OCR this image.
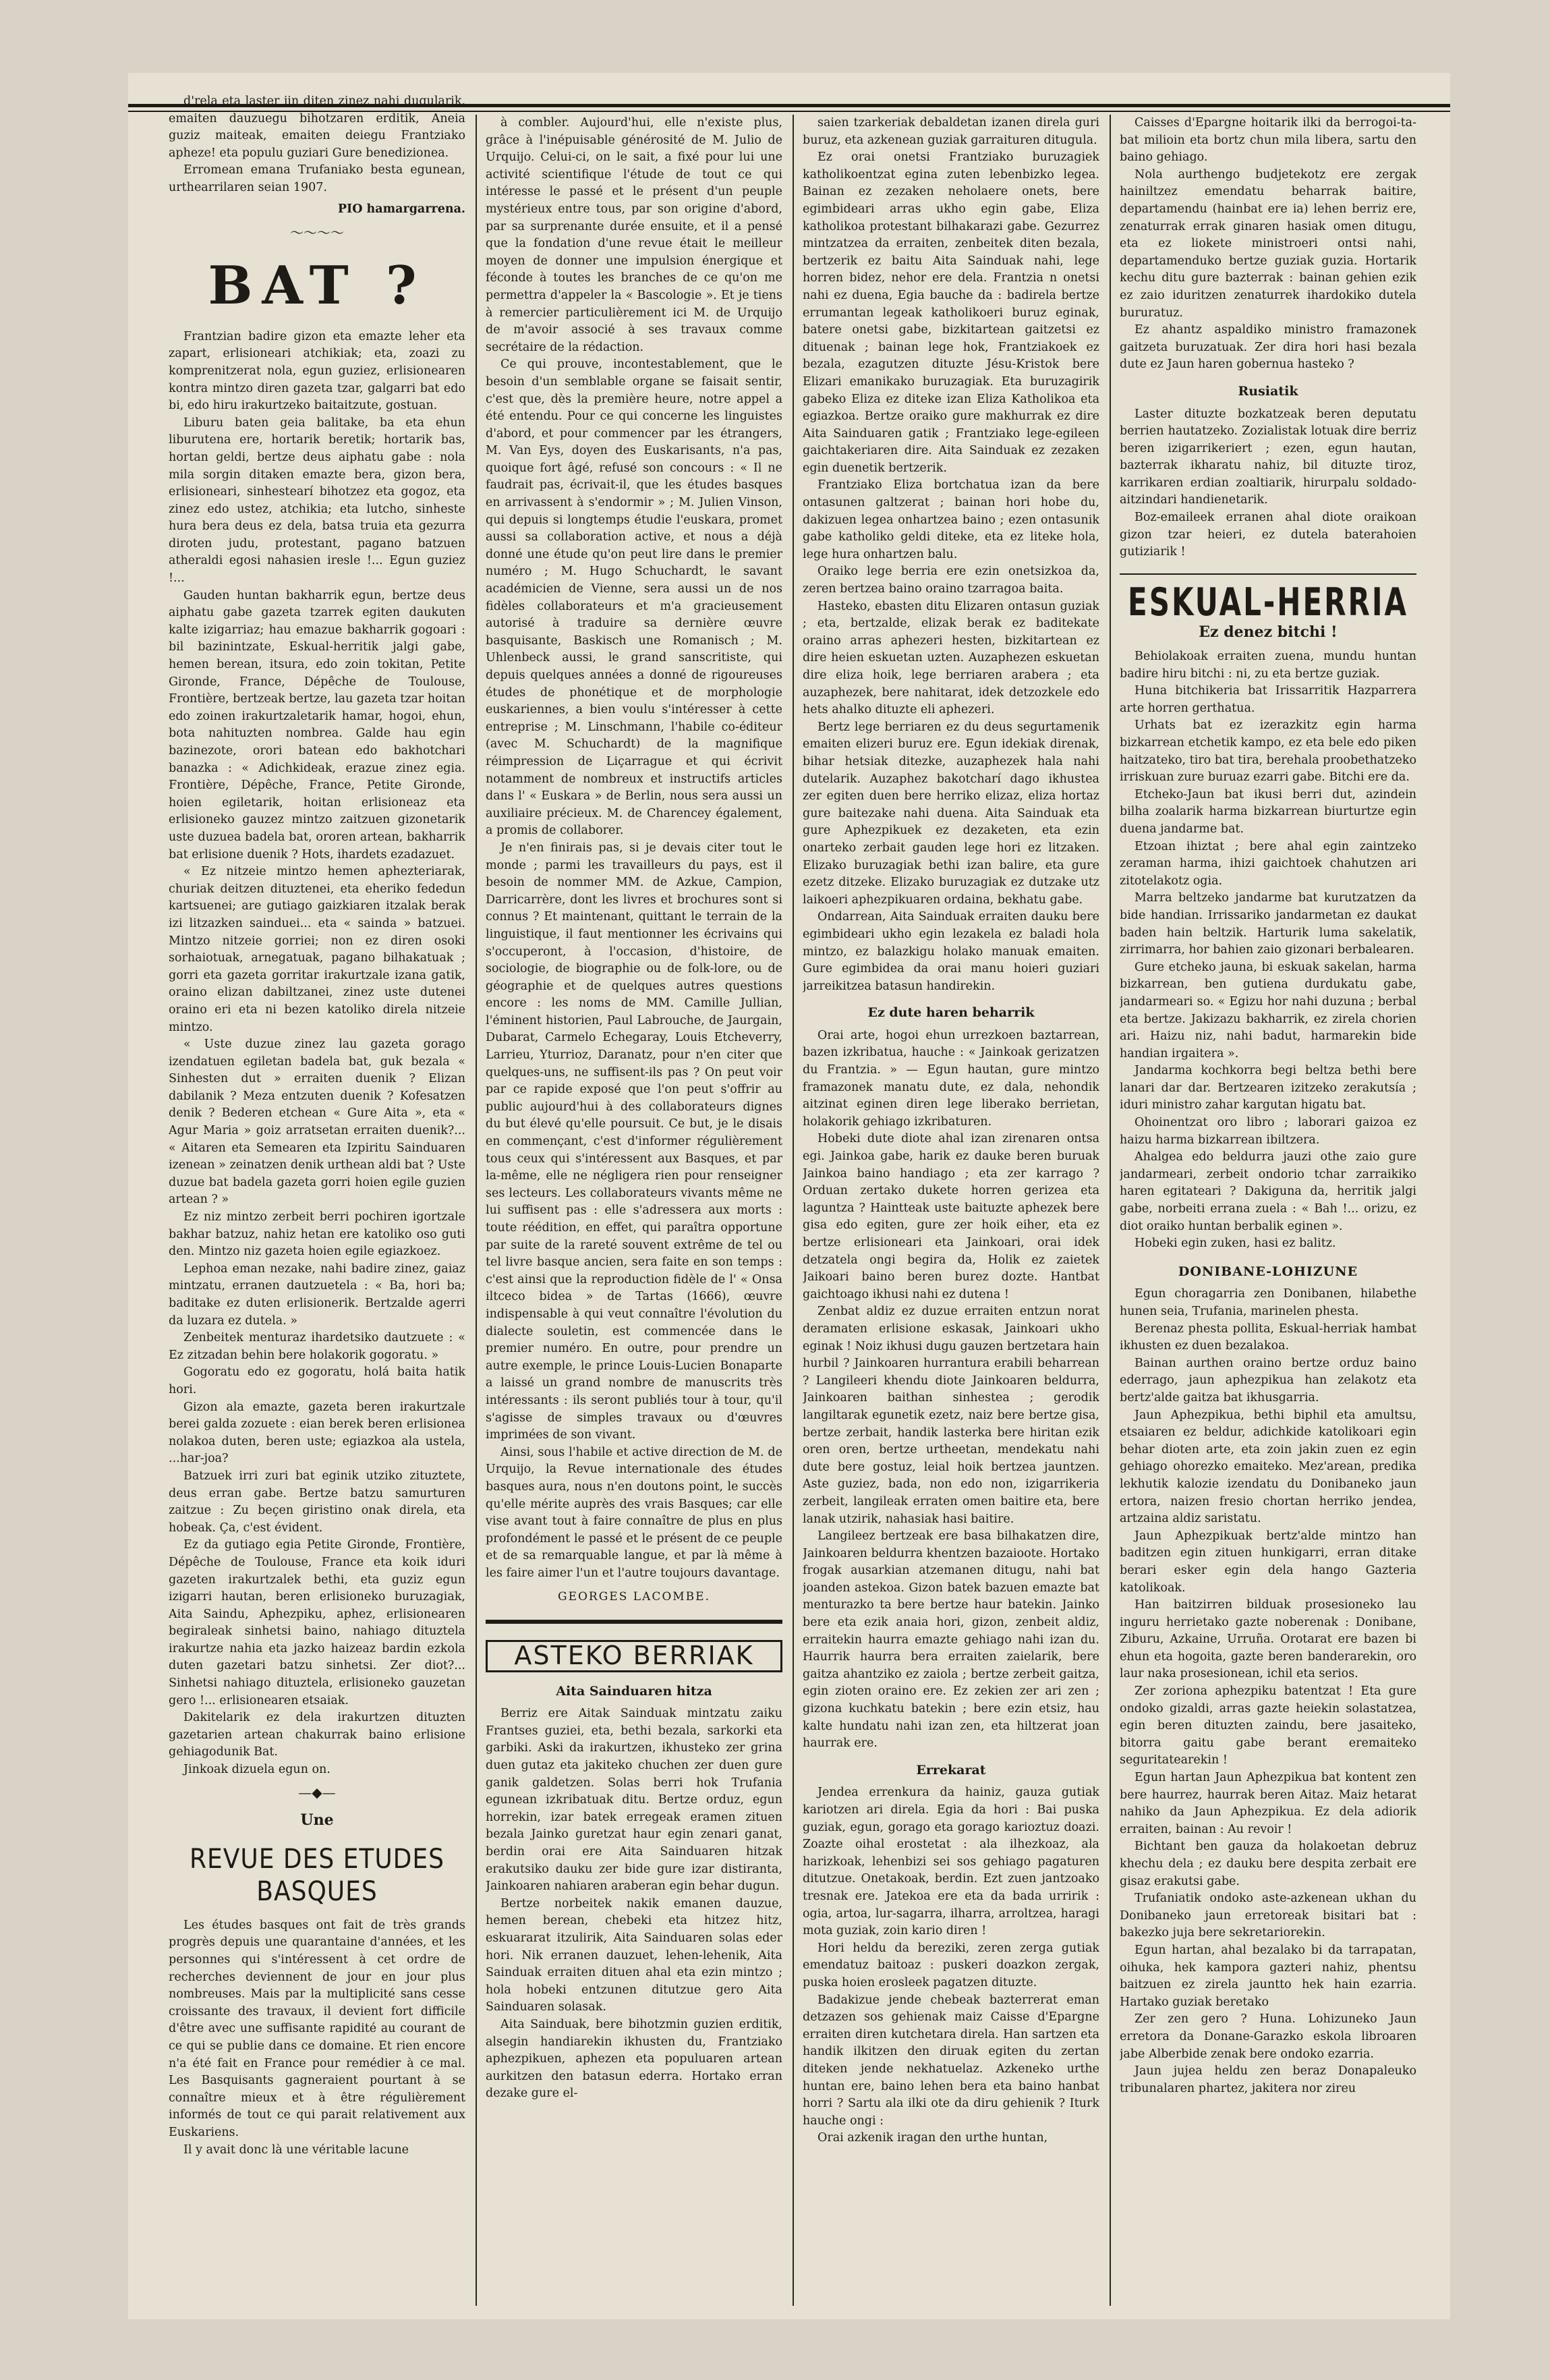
d'rela eta laster jin diten zinez nahi dugularik, emaiten dauzuegu bihotzaren erditik, Aneia guziz maiteak, emaiten deiegu Frantziako apheze! eta populu guziari Gure benedizionea.

Erromean emana Trufaniako besta egunean, urthearrilaren seian 1907.

PIO hamargarrena.
〜〜〜〜
BAT ?

Frantzian badire gizon eta emazte leher eta zapart, erlisioneari atchikiak; eta, zoazi zu komprenitzerat nola, egun guziez, erlisionearen kontra mintzo diren gazeta tzar, galgarri bat edo bi, edo hiru irakurtzeko baitaitzute, gostuan.

Liburu baten geia balitake, ba eta ehun liburutena ere, hortarik beretik; hortarik bas, hortan geldi, bertze deus aiphatu gabe : nola mila sorgin ditaken emazte bera, gizon bera, erlisioneari, sinhestearí bihotzez eta gogoz, eta zinez edo ustez, atchikia; eta lutcho, sinheste hura bera deus ez dela, batsa truia eta gezurra diroten judu, protestant, pagano batzuen atheraldi egosi nahasien iresle !... Egun guziez !...

Gauden huntan bakharrik egun, bertze deus aiphatu gabe gazeta tzarrek egiten daukuten kalte izigarriaz; hau emazue bakharrik gogoari : bil bazinintzate, Eskual-herritik jalgi gabe, hemen berean, itsura, edo zoin tokitan, Petite Gironde, France, Dépêche de Toulouse, Frontière, bertzeak bertze, lau gazeta tzar hoitan edo zoinen irakurtzaletarik hamar, hogoi, ehun, bota nahituzten nombrea. Galde hau egin bazinezote, orori batean edo bakhotchari banazka : « Adichkideak, erazue zinez egia. Frontière, Dépêche, France, Petite Gironde, hoien egiletarik, hoitan erlisioneaz eta erlisioneko gauzez mintzo zaitzuen gizonetarik uste duzuea badela bat, ororen artean, bakharrik bat erlisione duenik ? Hots, ihardets ezadazuet.

« Ez nitzeie mintzo hemen aphezteriarak, churiak deitzen dituztenei, eta eheriko fededun kartsuenei; are gutiago gaizkiaren itzalak berak izi litzazken sainduei... eta « sainda » batzuei. Mintzo nitzeie gorriei; non ez diren osoki sorhaiotuak, arnegatuak, pagano bilhakatuak ; gorri eta gazeta gorritar irakurtzale izana gatik, oraino elizan dabiltzanei, zinez uste dutenei oraino eri eta ni bezen katoliko direla nitzeie mintzo.

« Uste duzue zinez lau gazeta gorago izendatuen egiletan badela bat, guk bezala « Sinhesten dut » erraiten duenik ? Elizan dabilanik ? Meza entzuten duenik ? Kofesatzen denik ? Bederen etchean « Gure Aita », eta « Agur Maria » goiz arratsetan erraiten duenik?... « Aitaren eta Semearen eta Izpiritu Sainduaren izenean » zeinatzen denik urthean aldi bat ? Uste duzue bat badela gazeta gorri hoien egile guzien artean ? »

Ez niz mintzo zerbeit berri pochiren igortzale bakhar batzuz, nahiz hetan ere katoliko oso guti den. Mintzo niz gazeta hoien egile egiazkoez.

Lephoa eman nezake, nahi badire zinez, gaiaz mintzatu, erranen dautzuetela : « Ba, hori ba; baditake ez duten erlisionerik. Bertzalde agerri da luzara ez dutela. »

Zenbeitek menturaz ihardetsiko dautzuete : « Ez zitzadan behin bere holakorik gogoratu. »

Gogoratu edo ez gogoratu, holá baita hatik hori.

Gizon ala emazte, gazeta beren irakurtzale berei galda zozuete : eian berek beren erlisionea nolakoa duten, beren uste; egiazkoa ala ustela, ...har-joa?

Batzuek irri zuri bat eginik utziko zituztete, deus erran gabe. Bertze batzu samurturen zaitzue : Zu beçen giristino onak direla, eta hobeak. Ça, c'est évident.

Ez da gutiago egia Petite Gironde, Frontière, Dépêche de Toulouse, France eta koik iduri gazeten irakurtzalek bethi, eta guziz egun izigarri hautan, beren erlisioneko buruzagiak, Aita Saindu, Aphezpiku, aphez, erlisionearen begiraleak sinhetsi baino, nahiago dituztela irakurtze nahia eta jazko haizeaz bardin ezkola duten gazetari batzu sinhetsi. Zer diot?... Sinhetsi nahiago dituztela, erlisioneko gauzetan gero !... erlisionearen etsaiak.

Dakitelarik ez dela irakurtzen dituzten gazetarien artean chakurrak baino erlisione gehiagodunik Bat.

Jinkoak dizuela egun on.

—◆—
Une
REVUE DES ETUDES BASQUES

Les études basques ont fait de très grands progrès depuis une quarantaine d'années, et les personnes qui s'intéressent à cet ordre de recherches deviennent de jour en jour plus nombreuses. Mais par la multiplicité sans cesse croissante des travaux, il devient fort difficile d'être avec une suffisante rapidité au courant de ce qui se publie dans ce domaine. Et rien encore n'a été fait en France pour remédier à ce mal. Les Basquisants gagneraient pourtant à se connaître mieux et à être régulièrement informés de tout ce qui parait relativement aux Euskariens.

Il y avait donc là une véritable lacune

à combler. Aujourd'hui, elle n'existe plus, grâce à l'inépuisable générosité de M. Julio de Urquijo. Celui-ci, on le sait, a fixé pour lui une activité scientifique l'étude de tout ce qui intéresse le passé et le présent d'un peuple mystérieux entre tous, par son origine d'abord, par sa surprenante durée ensuite, et il a pensé que la fondation d'une revue était le meilleur moyen de donner une impulsion énergique et féconde à toutes les branches de ce qu'on me permettra d'appeler la « Bascologie ». Et je tiens à remercier particulièrement ici M. de Urquijo de m'avoir associé à ses travaux comme secrétaire de la rédaction.

Ce qui prouve, incontestablement, que le besoin d'un semblable organe se faisait sentir, c'est que, dès la première heure, notre appel a été entendu. Pour ce qui concerne les linguistes d'abord, et pour commencer par les étrangers, M. Van Eys, doyen des Euskarisants, n'a pas, quoique fort âgé, refusé son concours : « Il ne faudrait pas, écrivait-il, que les études basques en arrivassent à s'endormir » ; M. Julien Vinson, qui depuis si longtemps étudie l'euskara, promet aussi sa collaboration active, et nous a déjà donné une étude qu'on peut lire dans le premier numéro ; M. Hugo Schuchardt, le savant académicien de Vienne, sera aussi un de nos fidèles collaborateurs et m'a gracieusement autorisé à traduire sa dernière œuvre basquisante, Baskisch une Romanisch ; M. Uhlenbeck aussi, le grand sanscritiste, qui depuis quelques années a donné de rigoureuses études de phonétique et de morphologie euskariennes, a bien voulu s'intéresser à cette entreprise ; M. Linschmann, l'habile co-éditeur (avec M. Schuchardt) de la magnifique réimpression de Liçarrague et qui écrivit notamment de nombreux et instructifs articles dans l' « Euskara » de Berlin, nous sera aussi un auxiliaire précieux. M. de Charencey également, a promis de collaborer.

Je n'en finirais pas, si je devais citer tout le monde ; parmi les travailleurs du pays, est il besoin de nommer MM. de Azkue, Campion, Darricarrère, dont les livres et brochures sont si connus ? Et maintenant, quittant le terrain de la linguistique, il faut mentionner les écrivains qui s'occuperont, à l'occasion, d'histoire, de sociologie, de biographie ou de folk-lore, ou de géographie et de quelques autres questions encore : les noms de MM. Camille Jullian, l'éminent historien, Paul Labrouche, de Jaurgain, Dubarat, Carmelo Echegaray, Louis Etcheverry, Larrieu, Yturrioz, Daranatz, pour n'en citer que quelques-uns, ne suffisent-ils pas ? On peut voir par ce rapide exposé que l'on peut s'offrir au public aujourd'hui à des collaborateurs dignes du but élevé qu'elle poursuit. Ce but, je le disais en commençant, c'est d'informer régulièrement tous ceux qui s'intéressent aux Basques, et par la-même, elle ne négligera rien pour renseigner ses lecteurs. Les collaborateurs vivants même ne lui suffisent pas : elle s'adressera aux morts : toute réédition, en effet, qui paraîtra opportune par suite de la rareté souvent extrême de tel ou tel livre basque ancien, sera faite en son temps : c'est ainsi que la reproduction fidèle de l' « Onsa iltceco bidea » de Tartas (1666), œuvre indispensable à qui veut connaître l'évolution du dialecte souletin, est commencée dans le premier numéro. En outre, pour prendre un autre exemple, le prince Louis-Lucien Bonaparte a laissé un grand nombre de manuscrits très intéressants : ils seront publiés tour à tour, qu'il s'agisse de simples travaux ou d'œuvres imprimées de son vivant.

Ainsi, sous l'habile et active direction de M. de Urquijo, la Revue internationale des études basques aura, nous n'en doutons point, le succès qu'elle mérite auprès des vrais Basques; car elle vise avant tout à faire connaître de plus en plus profondément le passé et le présent de ce peuple et de sa remarquable langue, et par là même à les faire aimer l'un et l'autre toujours davantage.

GEORGES LACOMBE.
ASTEKO BERRIAK
Aita Sainduaren hitza

Berriz ere Aitak Sainduak mintzatu zaiku Frantses guziei, eta, bethi bezala, sarkorki eta garbiki. Aski da irakurtzen, ikhusteko zer grina duen gutaz eta jakiteko chuchen zer duen gure ganik galdetzen. Solas berri hok Trufania egunean izkribatuak ditu. Bertze orduz, egun horrekin, izar batek erregeak eramen zituen bezala Jainko guretzat haur egin zenari ganat, berdin orai ere Aita Sainduaren hitzak erakutsiko dauku zer bide gure izar distiranta, Jainkoaren nahiaren araberan egin behar dugun.

Bertze norbeitek nakik emanen dauzue, hemen berean, chebeki eta hitzez hitz, eskuararat itzulirik, Aita Sainduaren solas eder hori. Nik erranen dauzuet, lehen-lehenik, Aita Sainduak erraiten dituen ahal eta ezin mintzo ; hola hobeki entzunen ditutzue gero Aita Sainduaren solasak.

Aita Sainduak, bere bihotzmin guzien erditik, alsegin handiarekin ikhusten du, Frantziako aphezpikuen, aphezen eta populuaren artean aurkitzen den batasun ederra. Hortako erran dezake gure el-

saien tzarkeriak debaldetan izanen direla guri buruz, eta azkenean guziak garraituren ditugula.

Ez orai onetsi Frantziako buruzagiek katholikoentzat egina zuten lebenbizko legea. Bainan ez zezaken neholaere onets, bere egimbideari arras ukho egin gabe, Eliza katholikoa protestant bilhakarazi gabe. Gezurrez mintzatzea da erraiten, zenbeitek diten bezala, bertzerik ez baitu Aita Sainduak nahi, lege horren bidez, nehor ere dela. Frantzia n onetsi nahi ez duena, Egia bauche da : badirela bertze errumantan legeak katholikoeri buruz eginak, batere onetsi gabe, bizkitartean gaitzetsi ez dituenak ; bainan lege hok, Frantziakoek ez bezala, ezagutzen dituzte Jésu-Kristok bere Elizari emanikako buruzagiak. Eta buruzagirik gabeko Eliza ez diteke izan Eliza Katholikoa eta egiazkoa. Bertze oraiko gure makhurrak ez dire Aita Sainduaren gatik ; Frantziako lege-egileen gaichtakeriaren dire. Aita Sainduak ez zezaken egin duenetik bertzerik.

Frantziako Eliza bortchatua izan da bere ontasunen galtzerat ; bainan hori hobe du, dakizuen legea onhartzea baino ; ezen ontasunik gabe katholiko geldi diteke, eta ez liteke hola, lege hura onhartzen balu.

Oraiko lege berria ere ezin onetsizkoa da, zeren bertzea baino oraino tzarragoa baita.

Hasteko, ebasten ditu Elizaren ontasun guziak ; eta, bertzalde, elizak berak ez baditekate oraino arras aphezeri hesten, bizkitartean ez dire heien eskuetan uzten. Auzaphezen eskuetan dire eliza hoik, lege berriaren arabera ; eta auzaphezek, bere nahitarat, idek detzozkele edo hets ahalko dituzte eli aphezeri.

Bertz lege berriaren ez du deus segurtamenik emaiten elizeri buruz ere. Egun idekiak direnak, bihar hetsiak ditezke, auzaphezek hala nahi dutelarik. Auzaphez bakotcharí dago ikhustea zer egiten duen bere herriko elizaz, eliza hortaz gure baitezake nahi duena. Aita Sainduak eta gure Aphezpikuek ez dezaketen, eta ezin onarteko zerbait gauden lege hori ez litzaken. Elizako buruzagiak bethi izan balire, eta gure ezetz ditzeke. Elizako buruzagiak ez dutzake utz laikoeri aphezpikuaren ordaina, bekhatu gabe.

Ondarrean, Aita Sainduak erraiten dauku bere egimbideari ukho egin lezakela ez baladi hola mintzo, ez balazkigu holako manuak emaiten. Gure egimbidea da orai manu hoieri guziari jarreikitzea batasun handirekin.

Ez dute haren beharrik

Orai arte, hogoi ehun urrezkoen baztarrean, bazen izkribatua, hauche : « Jainkoak gerizatzen du Frantzia. » — Egun hautan, gure mintzo framazonek manatu dute, ez dala, nehondik aitzinat eginen diren lege liberako berrietan, holakorik gehiago izkribaturen.

Hobeki dute diote ahal izan zirenaren ontsa egi. Jainkoa gabe, harik ez dauke beren buruak Jainkoa baino handiago ; eta zer karrago ? Orduan zertako dukete horren gerizea eta laguntza ? Haintteak uste baituzte aphezek bere gisa edo egiten, gure zer hoik eiher, eta ez bertze erlisioneari eta Jainkoari, orai idek detzatela ongi begira da, Holik ez zaietek Jaikoari baino beren burez dozte. Hantbat gaichtoago ikhusi nahi ez dutena !

Zenbat aldiz ez duzue erraiten entzun norat deramaten erlisione eskasak, Jainkoari ukho eginak ! Noiz ikhusi dugu gauzen bertzetara hain hurbil ? Jainkoaren hurrantura erabili beharrean ? Langileeri khendu diote Jainkoaren beldurra, Jainkoaren baithan sinhestea ; gerodik langiltarak egunetik ezetz, naiz bere bertze gisa, bertze zerbait, handik lasterka bere hiritan ezik oren oren, bertze urtheetan, mendekatu nahi dute bere gostuz, leial hoik bertzea jauntzen. Aste guziez, bada, non edo non, izigarrikeria zerbeit, langileak erraten omen baitire eta, bere lanak utzirik, nahasiak hasi baitire.

Langileez bertzeak ere basa bilhakatzen dire, Jainkoaren beldurra khentzen bazaioote. Hortako frogak ausarkian atzemanen ditugu, nahi bat joanden astekoa. Gizon batek bazuen emazte bat menturazko ta bere bertze haur batekin. Jainko bere eta ezik anaia hori, gizon, zenbeit aldiz, erraitekin haurra emazte gehiago nahi izan du. Haurrik haurra bera erraiten zaielarik, bere gaitza ahantziko ez zaiola ; bertze zerbeit gaitza, egin zioten oraino ere. Ez zekien zer ari zen ; gizona kuchkatu batekin ; bere ezin etsiz, hau kalte hundatu nahi izan zen, eta hiltzerat joan haurrak ere.

Errekarat

Jendea errenkura da hainiz, gauza gutiak kariotzen ari direla. Egia da hori : Bai puska guziak, egun, gorago eta gorago karioztuz doazi. Zoazte oihal erostetat : ala ilhezkoaz, ala harizkoak, lehenbizi sei sos gehiago pagaturen ditutzue. Onetakoak, berdin. Ezt zuen jantzoako tresnak ere. Jatekoa ere eta da bada urririk : ogia, artoa, lur-sagarra, ilharra, arroltzea, haragi mota guziak, zoin kario diren !

Hori heldu da bereziki, zeren zerga gutiak emendatuz baitoaz : puskeri doazkon zergak, puska hoien erosleek pagatzen dituzte.

Badakizue jende chebeak bazterrerat eman detzazen sos gehienak maiz Caisse d'Epargne erraiten diren kutchetara direla. Han sartzen eta handik ilkitzen den diruak egiten du zertan diteken jende nekhatuelaz. Azkeneko urthe huntan ere, baino lehen bera eta baino hanbat horri ? Sartu ala ilki ote da diru gehienik ? Iturk hauche ongi :

Orai azkenik iragan den urthe huntan,

Caisses d'Epargne hoitarik ilki da berrogoi-ta-bat milioin eta bortz chun mila libera, sartu den baino gehiago.

Nola aurthengo budjetekotz ere zergak hainiltzez emendatu beharrak baitire, departamendu (hainbat ere ia) lehen berriz ere, zenaturrak errak ginaren hasiak omen ditugu, eta ez liokete ministroeri ontsi nahi, departamenduko bertze guziak guzia. Hortarik kechu ditu gure bazterrak : bainan gehien ezik ez zaio iduritzen zenaturrek ihardokiko dutela bururatuz.

Ez ahantz aspaldiko ministro framazonek gaitzeta buruzatuak. Zer dira hori hasi bezala dute ez Jaun haren gobernua hasteko ?

Rusiatik

Laster dituzte bozkatzeak beren deputatu berrien hautatzeko. Zozialistak lotuak dire berriz beren izigarrikeriert ; ezen, egun hautan, bazterrak ikharatu nahiz, bil dituzte tiroz, karrikaren erdian zoaltiarik, hirurpalu soldado-aitzindari handienetarik.

Boz-emaileek erranen ahal diote oraikoan gizon tzar heieri, ez dutela baterahoien gutiziarik !

ESKUAL-HERRIA
Ez denez bitchi !

Behiolakoak erraiten zuena, mundu huntan badire hiru bitchi : ni, zu eta bertze guziak.

Huna bitchikeria bat Irissarritik Hazparrera arte horren gerthatua.

Urhats bat ez izerazkitz egin harma bizkarrean etchetik kampo, ez eta bele edo piken haitzateko, tiro bat tira, berehala proobethatzeko irriskuan zure buruaz ezarri gabe. Bitchi ere da.

Etcheko-Jaun bat ikusi berri dut, azindein bilha zoalarik harma bizkarrean biurturtze egin duena jandarme bat.

Etzoan ihiztat ; bere ahal egin zaintzeko zeraman harma, ihizi gaichtoek chahutzen ari zitotelakotz ogia.

Marra beltzeko jandarme bat kurutzatzen da bide handian. Irrissariko jandarmetan ez daukat baden hain beltzik. Harturik luma sakelatik, zirrimarra, hor bahien zaio gizonari berbalearen.

Gure etcheko jauna, bi eskuak sakelan, harma bizkarrean, ben gutiena durdukatu gabe, jandarmeari so. « Egizu hor nahi duzuna ; berbal eta bertze. Jakizazu bakharrik, ez zirela chorien ari. Haizu niz, nahi badut, harmarekin bide handian irgaitera ».

Jandarma kochkorra begi beltza bethi bere lanari dar dar. Bertzearen izitzeko zerakutsía ; iduri ministro zahar kargutan higatu bat.

Ohoinentzat oro libro ; laborari gaizoa ez haizu harma bizkarrean ibiltzera.

Ahalgea edo beldurra jauzi othe zaio gure jandarmeari, zerbeit ondorio tchar zarraikiko haren egitateari ? Dakiguna da, herritik jalgi gabe, norbeiti errana zuela : « Bah !... orizu, ez diot oraiko huntan berbalik eginen ».

Hobeki egin zuken, hasi ez balitz.

DONIBANE-LOHIZUNE

Egun choragarria zen Donibanen, hilabethe hunen seia, Trufania, marinelen phesta.

Berenaz phesta pollita, Eskual-herriak hambat ikhusten ez duen bezalakoa.

Bainan aurthen oraino bertze orduz baino ederrago, jaun aphezpikua han zelakotz eta bertz'alde gaitza bat ikhusgarria.

Jaun Aphezpikua, bethi biphil eta amultsu, etsaiaren ez beldur, adichkide katolikoari egin behar dioten arte, eta zoin jakin zuen ez egin gehiago ohorezko emaiteko. Mez'arean, predika lekhutik kalozie izendatu du Donibaneko jaun ertora, naizen fresio chortan herriko jendea, artzaina aldiz saristatu.

Jaun Aphezpikuak bertz'alde mintzo han baditzen egin zituen hunkigarri, erran ditake berari esker egin dela hango Gazteria katolikoak.

Han baitzirren bilduak prosesioneko lau inguru herrietako gazte noberenak : Donibane, Ziburu, Azkaine, Urruña. Orotarat ere bazen bi ehun eta hogoita, gazte beren banderarekin, oro laur naka prosesionean, ichil eta serios.

Zer zoriona aphezpiku batentzat ! Eta gure ondoko gizaldi, arras gazte heiekin solastatzea, egin beren dituzten zaindu, bere jasaiteko, bitorra gaitu gabe berant eremaiteko seguritatearekin !

Egun hartan Jaun Aphezpikua bat kontent zen bere haurrez, haurrak beren Aitaz. Maiz hetarat nahiko da Jaun Aphezpikua. Ez dela adiorik erraiten, bainan : Au revoir !

Bichtant ben gauza da holakoetan debruz khechu dela ; ez dauku bere despita zerbait ere gisaz erakutsi gabe.

Trufaniatik ondoko aste-azkenean ukhan du Donibaneko jaun erretoreak bisitari bat : bakezko juja bere sekretariorekin.

Egun hartan, ahal bezalako bi da tarrapatan, oihuka, hek kampora gazteri nahiz, phentsu baitzuen ez zirela jauntto hek hain ezarria. Hartako guziak beretako

Zer zen gero ? Huna. Lohizuneko Jaun erretora da Donane-Garazko eskola libroaren jabe Alberbide zenak bere ondoko ezarria.

Jaun jujea heldu zen beraz Donapaleuko tribunalaren phartez, jakitera nor zireu
